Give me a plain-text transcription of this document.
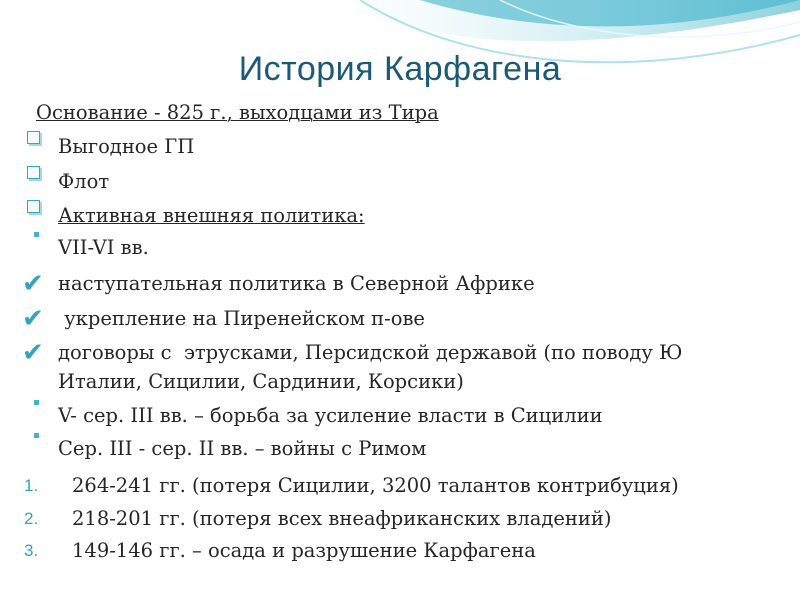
История Карфагена
Основание - 825 г., выходцами из Тира
Выгодное ГП
Флот
Активная внешняя политика:
VII-VI вв.
✔ наступательная политика в Северной Африке
✔ укрепление на Пиренейском п-ове
✔ договоры с  этрусками, Персидской державой (по поводу Ю
Италии, Сицилии, Сардинии, Корсики)
V- сер. III вв. – борьба за усиление власти в Сицилии
Сер. III - сер. II вв. – войны с Римом
1. 264-241 гг. (потеря Сицилии, 3200 талантов контрибуция)
2. 218-201 гг. (потеря всех внеафриканских владений)
3. 149-146 гг. – осада и разрушение Карфагена
